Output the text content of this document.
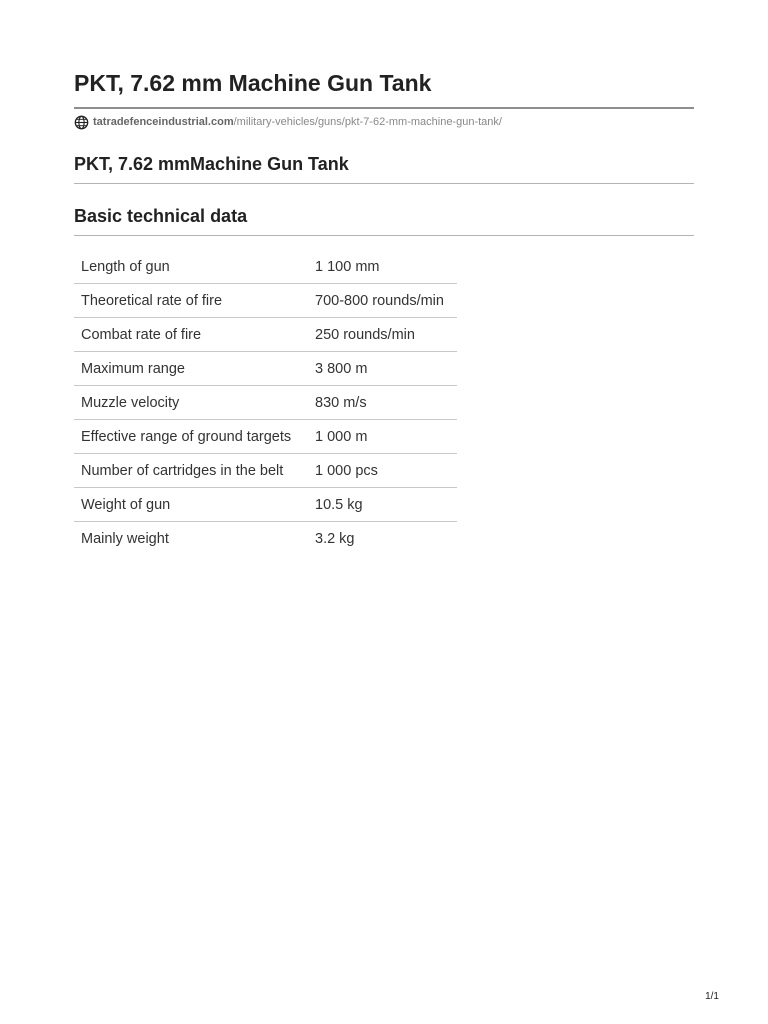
PKT, 7.62 mm Machine Gun Tank
tatradefenceindustrial.com /military-vehicles/guns/pkt-7-62-mm-machine-gun-tank/
PKT, 7.62 mmMachine Gun Tank
Basic technical data
Length of gun	1 100 mm
Theoretical rate of fire	700-800 rounds/min
Combat rate of fire	250 rounds/min
Maximum range	3 800 m
Muzzle velocity	830 m/s
Effective range of ground targets	1 000 m
Number of cartridges in the belt	1 000 pcs
Weight of gun	10.5 kg
Mainly weight	3.2 kg
1/1
